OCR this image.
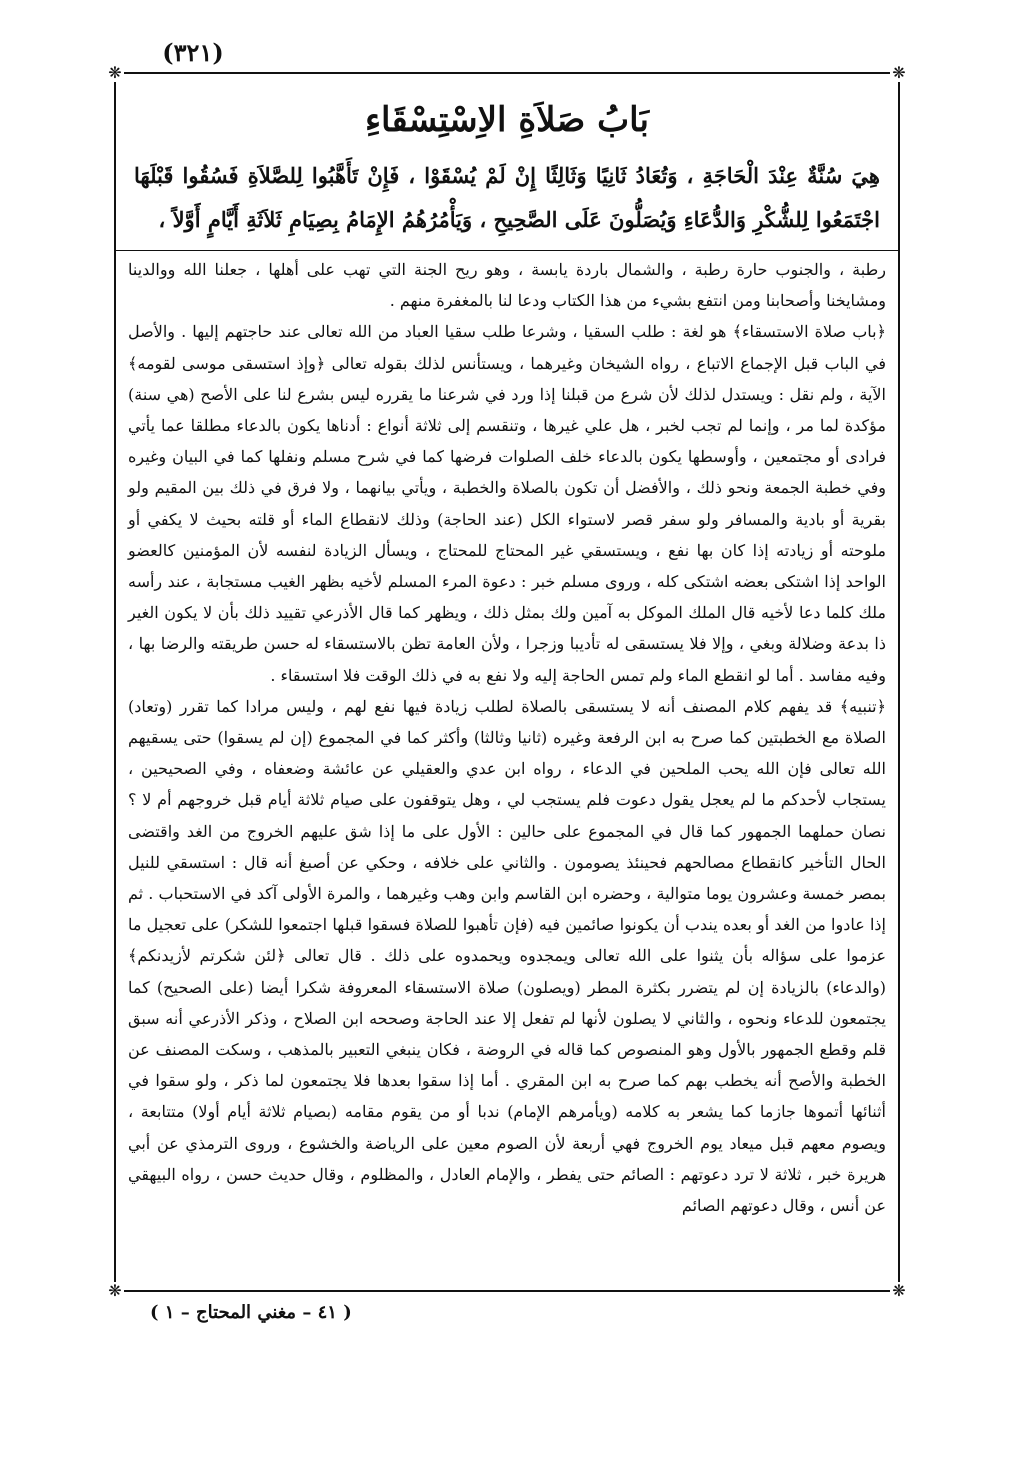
(٣٢١)
❋	❋
❋	❋
بَابُ صَلاَةِ الاِسْتِسْقَاءِ
هِيَ سُنَّةٌ عِنْدَ الْحَاجَةِ ، وَتُعَادُ ثَانِيًا وَثَالِثًا إِنْ لَمْ يُسْقَوْا ، فَإِنْ تَأَهَّبُوا لِلصَّلاَةِ فَسُقُوا قَبْلَهَا اجْتَمَعُوا لِلشُّكْرِ وَالدُّعَاءِ وَيُصَلُّونَ عَلَى الصَّحِيحِ ، وَيَأْمُرُهُمُ الإِمَامُ بِصِيَامِ ثَلاَثَةِ أَيَّامٍ أَوَّلاً ،

رطبة ، والجنوب حارة رطبة ، والشمال باردة يابسة ، وهو ريح الجنة التي تهب على أهلها ، جعلنا الله ووالدينا ومشايخنا وأصحابنا ومن انتفع بشيء من هذا الكتاب ودعا لنا بالمغفرة منهم .

﴿باب صلاة الاستسقاء﴾ هو لغة : طلب السقيا ، وشرعا طلب سقيا العباد من الله تعالى عند حاجتهم إليها . والأصل في الباب قبل الإجماع الاتباع ، رواه الشيخان وغيرهما ، ويستأنس لذلك بقوله تعالى ﴿وإذ استسقى موسى لقومه﴾ الآية ، ولم نقل : ويستدل لذلك لأن شرع من قبلنا إذا ورد في شرعنا ما يقرره ليس بشرع لنا على الأصح (هي سنة) مؤكدة لما مر ، وإنما لم تجب لخبر ، هل علي غيرها ، وتنقسم إلى ثلاثة أنواع : أدناها يكون بالدعاء مطلقا عما يأتي فرادى أو مجتمعين ، وأوسطها يكون بالدعاء خلف الصلوات فرضها كما في شرح مسلم ونفلها كما في البيان وغيره وفي خطبة الجمعة ونحو ذلك ، والأفضل أن تكون بالصلاة والخطبة ، ويأتي بيانهما ، ولا فرق في ذلك بين المقيم ولو بقرية أو بادية والمسافر ولو سفر قصر لاستواء الكل (عند الحاجة) وذلك لانقطاع الماء أو قلته بحيث لا يكفي أو ملوحته أو زيادته إذا كان بها نفع ، ويستسقي غير المحتاج للمحتاج ، ويسأل الزيادة لنفسه لأن المؤمنين كالعضو الواحد إذا اشتكى بعضه اشتكى كله ، وروى مسلم خبر : دعوة المرء المسلم لأخيه بظهر الغيب مستجابة ، عند رأسه ملك كلما دعا لأخيه قال الملك الموكل به آمين ولك بمثل ذلك ، ويظهر كما قال الأذرعي تقييد ذلك بأن لا يكون الغير ذا بدعة وضلالة وبغي ، وإلا فلا يستسقى له تأديبا وزجرا ، ولأن العامة تظن بالاستسقاء له حسن طريقته والرضا بها ، وفيه مفاسد . أما لو انقطع الماء ولم تمس الحاجة إليه ولا نفع به في ذلك الوقت فلا استسقاء .

﴿تنبيه﴾ قد يفهم كلام المصنف أنه لا يستسقى بالصلاة لطلب زيادة فيها نفع لهم ، وليس مرادا كما تقرر (وتعاد) الصلاة مع الخطبتين كما صرح به ابن الرفعة وغيره (ثانيا وثالثا) وأكثر كما في المجموع (إن لم يسقوا) حتى يسقيهم الله تعالى فإن الله يحب الملحين في الدعاء ، رواه ابن عدي والعقيلي عن عائشة وضعفاه ، وفي الصحيحين ، يستجاب لأحدكم ما لم يعجل يقول دعوت فلم يستجب لي ، وهل يتوقفون على صيام ثلاثة أيام قبل خروجهم أم لا ؟ نصان حملهما الجمهور كما قال في المجموع على حالين : الأول على ما إذا شق عليهم الخروج من الغد واقتضى الحال التأخير كانقطاع مصالحهم فحينئذ يصومون . والثاني على خلافه ، وحكي عن أصبغ أنه قال : استسقي للنيل بمصر خمسة وعشرون يوما متوالية ، وحضره ابن القاسم وابن وهب وغيرهما ، والمرة الأولى آكد في الاستحباب . ثم إذا عادوا من الغد أو بعده يندب أن يكونوا صائمين فيه (فإن تأهبوا للصلاة فسقوا قبلها اجتمعوا للشكر) على تعجيل ما عزموا على سؤاله بأن يثنوا على الله تعالى ويمجدوه ويحمدوه على ذلك . قال تعالى ﴿لئن شكرتم لأزيدنكم﴾ (والدعاء) بالزيادة إن لم يتضرر بكثرة المطر (ويصلون) صلاة الاستسقاء المعروفة شكرا أيضا (على الصحيح) كما يجتمعون للدعاء ونحوه ، والثاني لا يصلون لأنها لم تفعل إلا عند الحاجة وصححه ابن الصلاح ، وذكر الأذرعي أنه سبق قلم وقطع الجمهور بالأول وهو المنصوص كما قاله في الروضة ، فكان ينبغي التعبير بالمذهب ، وسكت المصنف عن الخطبة والأصح أنه يخطب بهم كما صرح به ابن المقري . أما إذا سقوا بعدها فلا يجتمعون لما ذكر ، ولو سقوا في أثنائها أتموها جازما كما يشعر به كلامه (ويأمرهم الإمام) ندبا أو من يقوم مقامه (بصيام ثلاثة أيام أولا) متتابعة ، ويصوم معهم قبل ميعاد يوم الخروج فهي أربعة لأن الصوم معين على الرياضة والخشوع ، وروى الترمذي عن أبي هريرة خبر ، ثلاثة لا ترد دعوتهم : الصائم حتى يفطر ، والإمام العادل ، والمظلوم ، وقال حديث حسن ، رواه البيهقي عن أنس ، وقال دعوتهم الصائم

( ٤١ – مغني المحتاج – ١ )
